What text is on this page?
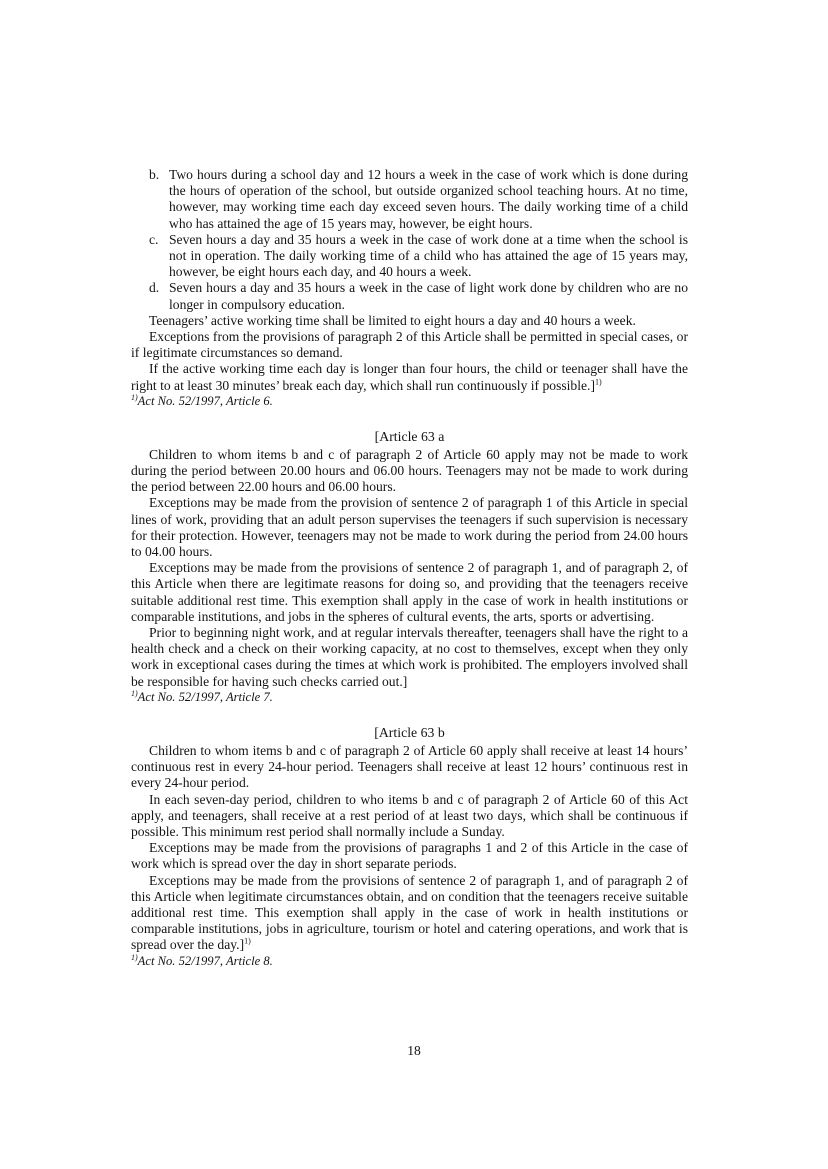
b. Two hours during a school day and 12 hours a week in the case of work which is done during the hours of operation of the school, but outside organized school teaching hours. At no time, however, may working time each day exceed seven hours. The daily working time of a child who has attained the age of 15 years may, however, be eight hours.
c. Seven hours a day and 35 hours a week in the case of work done at a time when the school is not in operation. The daily working time of a child who has attained the age of 15 years may, however, be eight hours each day, and 40 hours a week.
d. Seven hours a day and 35 hours a week in the case of light work done by children who are no longer in compulsory education.

Teenagers’ active working time shall be limited to eight hours a day and 40 hours a week.

Exceptions from the provisions of paragraph 2 of this Article shall be permitted in special cases, or if legitimate circumstances so demand.

If the active working time each day is longer than four hours, the child or teenager shall have the right to at least 30 minutes’ break each day, which shall run continuously if possible.]$^{1)}$

$^{1)}$Act No. 52/1997, Article 6.

[Article 63 a

Children to whom items b and c of paragraph 2 of Article 60 apply may not be made to work during the period between 20.00 hours and 06.00 hours. Teenagers may not be made to work during the period between 22.00 hours and 06.00 hours.

Exceptions may be made from the provision of sentence 2 of paragraph 1 of this Article in special lines of work, providing that an adult person supervises the teenagers if such supervision is necessary for their protection. However, teenagers may not be made to work during the period from 24.00 hours to 04.00 hours.

Exceptions may be made from the provisions of sentence 2 of paragraph 1, and of paragraph 2, of this Article when there are legitimate reasons for doing so, and providing that the teenagers receive suitable additional rest time. This exemption shall apply in the case of work in health institutions or comparable institutions, and jobs in the spheres of cultural events, the arts, sports or advertising.

Prior to beginning night work, and at regular intervals thereafter, teenagers shall have the right to a health check and a check on their working capacity, at no cost to themselves, except when they only work in exceptional cases during the times at which work is prohibited. The employers involved shall be responsible for having such checks carried out.]

$^{1)}$Act No. 52/1997, Article 7.

[Article 63 b

Children to whom items b and c of paragraph 2 of Article 60 apply shall receive at least 14 hours’ continuous rest in every 24-hour period. Teenagers shall receive at least 12 hours’ continuous rest in every 24-hour period.

In each seven-day period, children to who items b and c of paragraph 2 of Article 60 of this Act apply, and teenagers, shall receive at a rest period of at least two days, which shall be continuous if possible. This minimum rest period shall normally include a Sunday.

Exceptions may be made from the provisions of paragraphs 1 and 2 of this Article in the case of work which is spread over the day in short separate periods.

Exceptions may be made from the provisions of sentence 2 of paragraph 1, and of paragraph 2 of this Article when legitimate circumstances obtain, and on condition that the teenagers receive suitable additional rest time. This exemption shall apply in the case of work in health institutions or comparable institutions, jobs in agriculture, tourism or hotel and catering operations, and work that is spread over the day.]$^{1)}$

$^{1)}$Act No. 52/1997, Article 8.

18
